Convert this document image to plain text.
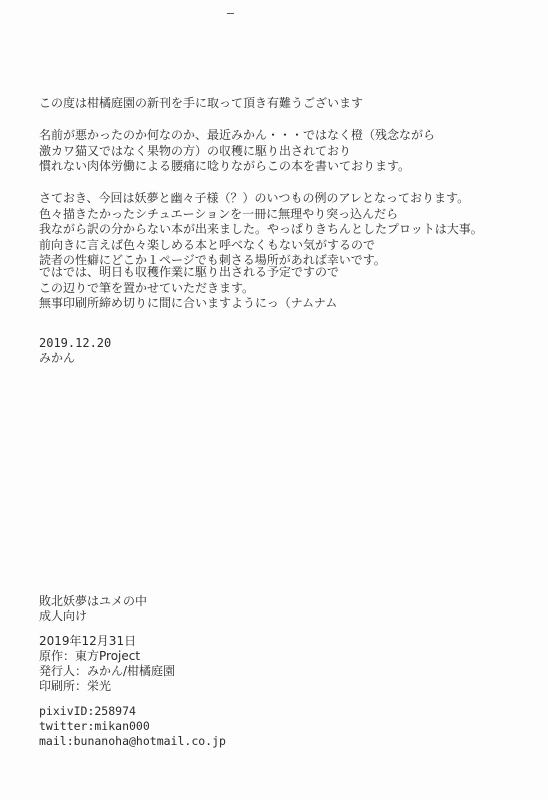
この度は柑橘庭園の新刊を手に取って頂き有難うございます
名前が悪かったのか何なのか、最近みかん・・・ではなく橙（残念ながら
激カワ猫又ではなく果物の方）の収穫に駆り出されており
慣れない肉体労働による腰痛に唸りながらこの本を書いております。
さておき、今回は妖夢と幽々子様（？）のいつもの例のアレとなっております。
色々描きたかったシチュエーションを一冊に無理やり突っ込んだら
我ながら訳の分からない本が出来ました。やっぱりきちんとしたプロットは大事。
前向きに言えば色々楽しめる本と呼べなくもない気がするので
読者の性癖にどこか１ページでも刺さる場所があれば幸いです。
ではでは、明日も収穫作業に駆り出される予定ですので
この辺りで筆を置かせていただきます。
無事印刷所締め切りに間に合いますようにっ（ナムナム
2019.12.20
みかん
敗北妖夢はユメの中
成人向け
2019年12月31日
原作：東方Project
発行人：みかん/柑橘庭園
印刷所：栄光
pixivID:258974
twitter:mikan000
mail:bunanoha@hotmail.co.jp
